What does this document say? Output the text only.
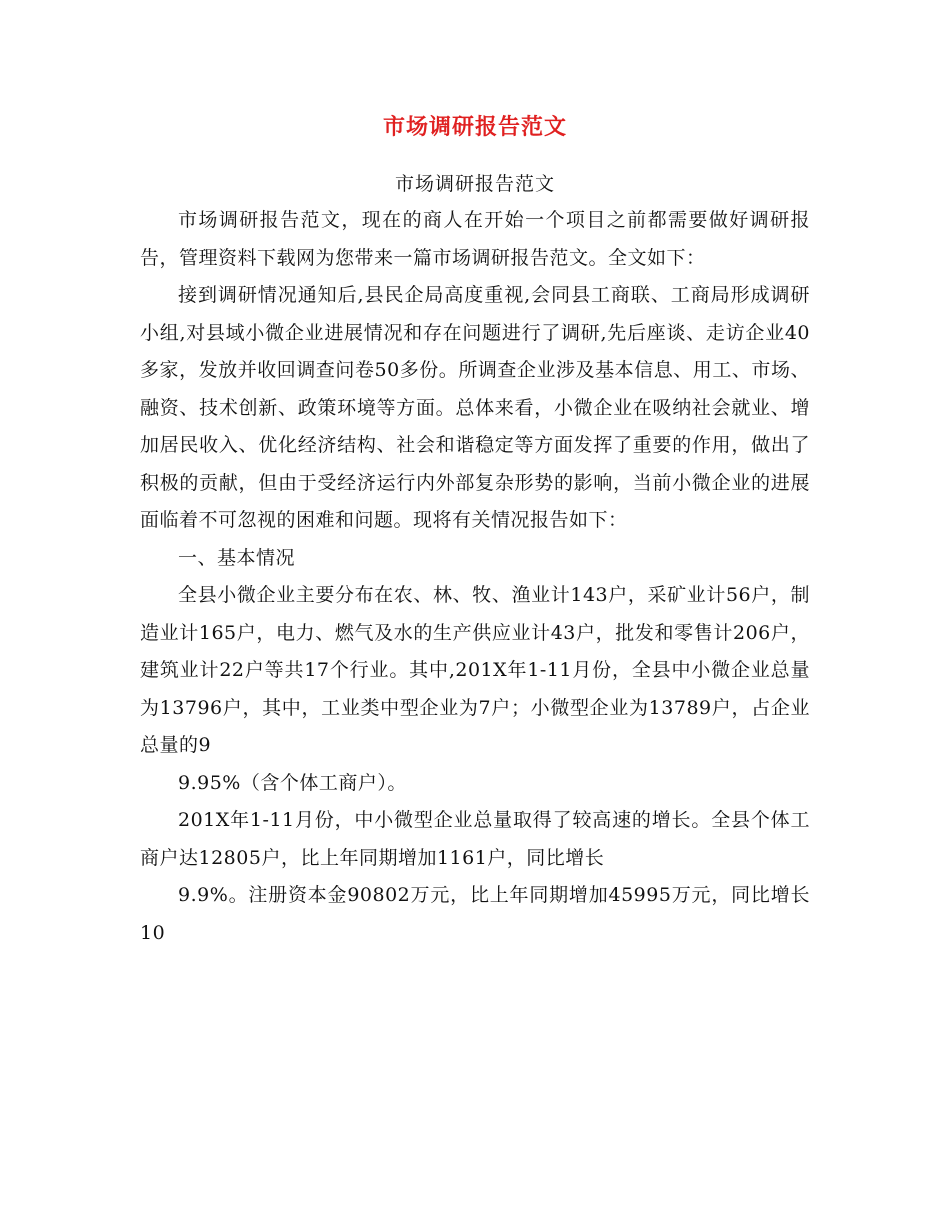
市场调研报告范文
市场调研报告范文

市场调研报告范文，现在的商人在开始一个项目之前都需要做好调研报告，管理资料下载网为您带来一篇市场调研报告范文。全文如下：

接到调研情况通知后,县民企局高度重视,会同县工商联、工商局形成调研小组,对县域小微企业进展情况和存在问题进行了调研,先后座谈、走访企业40多家，发放并收回调查问卷50多份。所调查企业涉及基本信息、用工、市场、融资、技术创新、政策环境等方面。总体来看，小微企业在吸纳社会就业、增加居民收入、优化经济结构、社会和谐稳定等方面发挥了重要的作用，做出了积极的贡献，但由于受经济运行内外部复杂形势的影响，当前小微企业的进展面临着不可忽视的困难和问题。现将有关情况报告如下：

一、基本情况

全县小微企业主要分布在农、林、牧、渔业计143户，采矿业计56户，制造业计165户，电力、燃气及水的生产供应业计43户，批发和零售计206户，建筑业计22户等共17个行业。其中,201X年1-11月份，全县中小微企业总量为13796户，其中，工业类中型企业为7户；小微型企业为13789户，占企业总量的9

9.95%（含个体工商户）。

201X年1-11月份，中小微型企业总量取得了较高速的增长。全县个体工商户达12805户，比上年同期增加1161户，同比增长

9.9%。注册资本金90802万元，比上年同期增加45995万元，同比增长10
